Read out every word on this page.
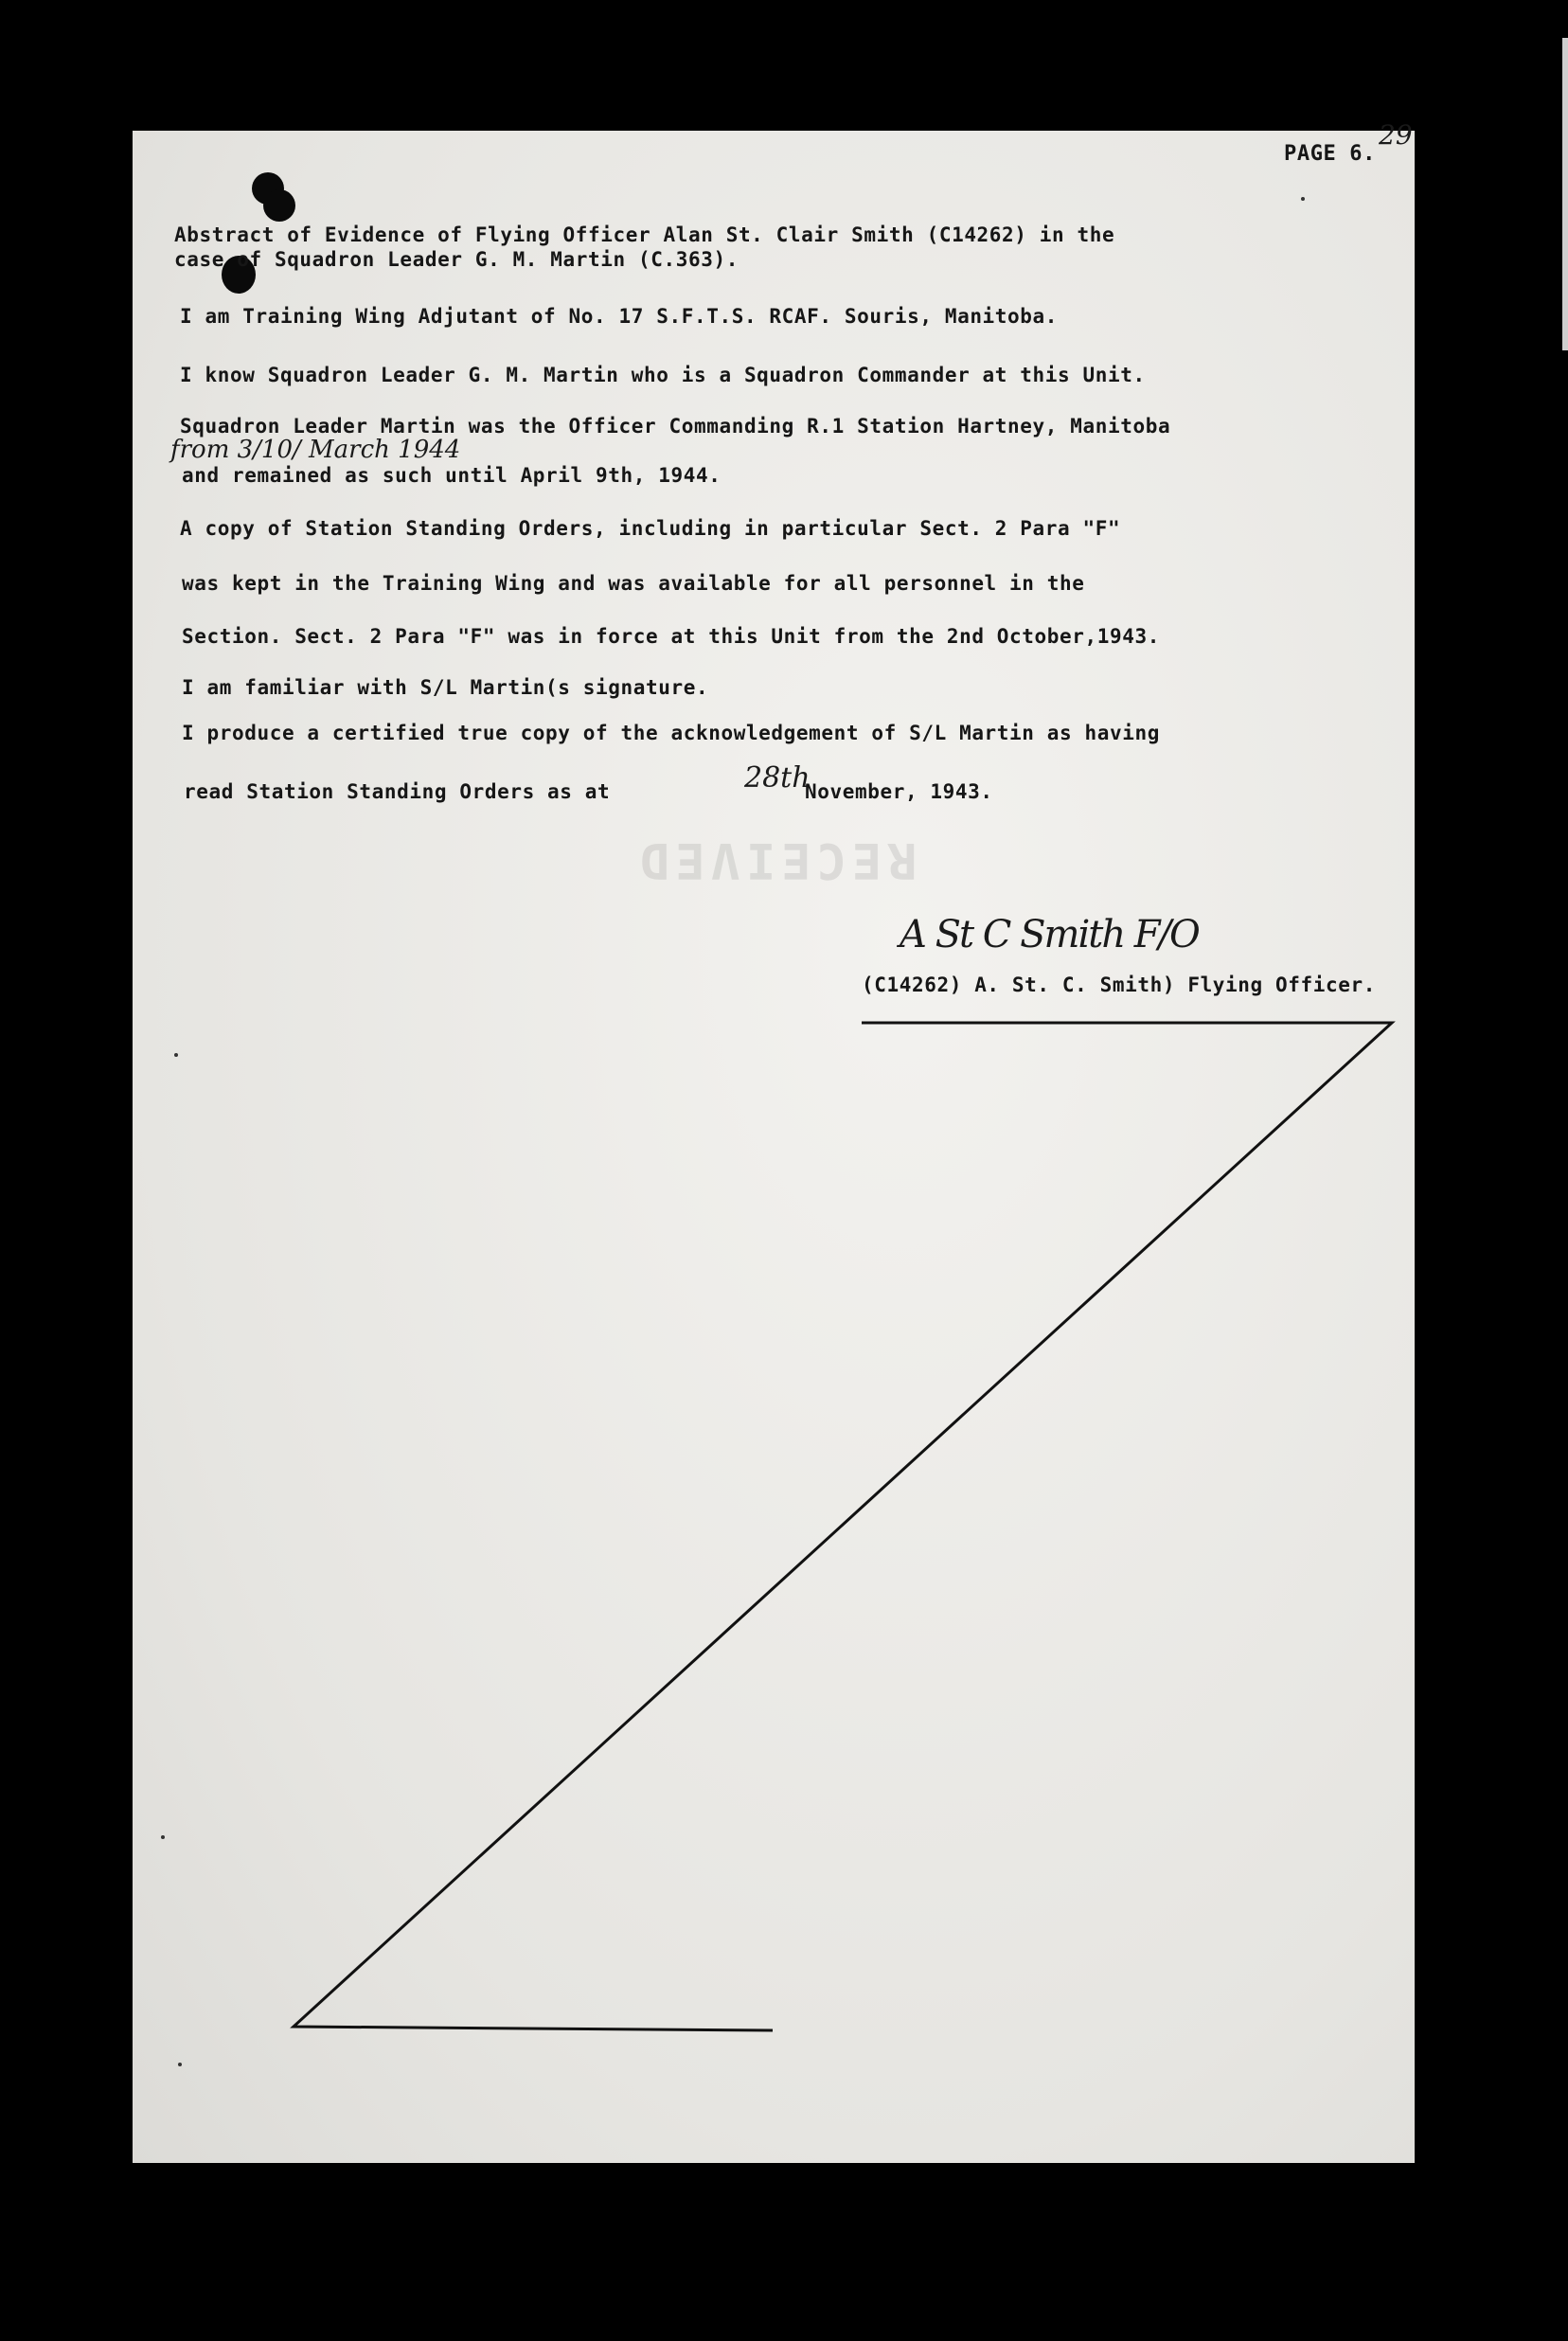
PAGE 6.
29
RECEIVED
Abstract of Evidence of Flying Officer Alan St. Clair Smith (C14262) in the
case of Squadron Leader G. M. Martin (C.363).
I am Training Wing Adjutant of No. 17 S.F.T.S. RCAF. Souris, Manitoba.
I know Squadron Leader G. M. Martin who is a Squadron Commander at this Unit.
Squadron Leader Martin was the Officer Commanding R.1 Station Hartney, Manitoba
from 3/10/ March 1944
and remained as such until April 9th, 1944.
A copy of Station Standing Orders, including in particular Sect. 2 Para "F"
was kept in the Training Wing and was available for all personnel in the
Section. Sect. 2 Para "F" was in force at this Unit from the 2nd October,1943.
I am familiar with S/L Martin(s signature.
I produce a certified true copy of the acknowledgement of S/L Martin as having
read Station Standing Orders as at	28th
November, 1943.
A St C Smith F/O
(C14262) A. St. C. Smith) Flying Officer.
